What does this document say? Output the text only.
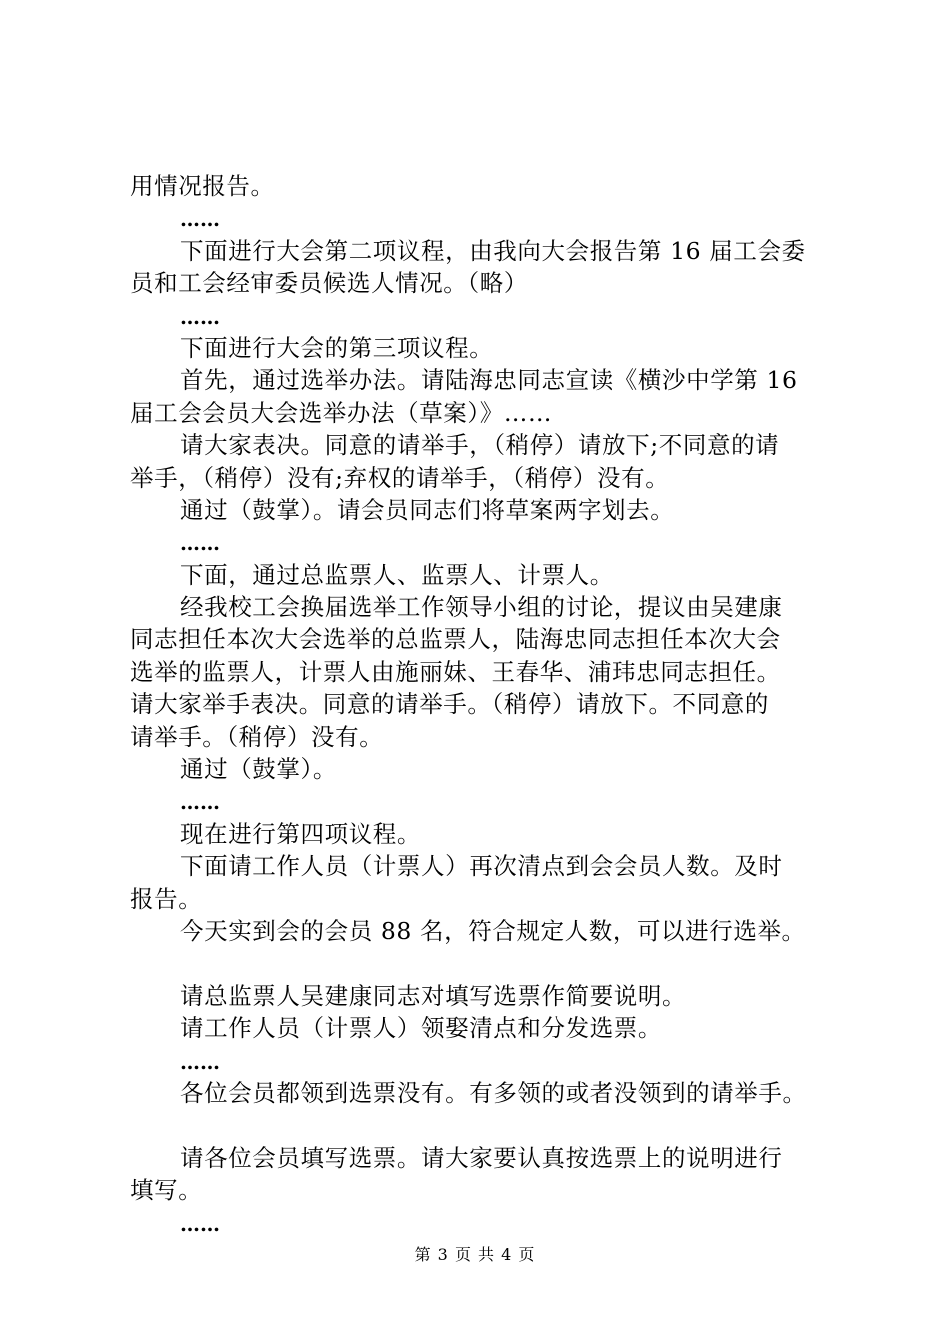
用情况报告。
……
下面进行大会第二项议程，由我向大会报告第 16 届工会委
员和工会经审委员候选人情况。（略）
……
下面进行大会的第三项议程。
首先，通过选举办法。请陆海忠同志宣读《横沙中学第 16
届工会会员大会选举办法（草案）》……
请大家表决。同意的请举手，（稍停）请放下;不同意的请
举手，（稍停）没有;弃权的请举手，（稍停）没有。
通过（鼓掌）。请会员同志们将草案两字划去。
……
下面，通过总监票人、监票人、计票人。
经我校工会换届选举工作领导小组的讨论，提议由吴建康
同志担任本次大会选举的总监票人，陆海忠同志担任本次大会
选举的监票人，计票人由施丽妹、王春华、浦玮忠同志担任。
请大家举手表决。同意的请举手。（稍停）请放下。不同意的
请举手。（稍停）没有。
通过（鼓掌）。
……
现在进行第四项议程。
下面请工作人员（计票人）再次清点到会会员人数。及时
报告。
今天实到会的会员 88 名，符合规定人数，可以进行选举。
请总监票人吴建康同志对填写选票作简要说明。
请工作人员（计票人）领娶清点和分发选票。
……
各位会员都领到选票没有。有多领的或者没领到的请举手。
请各位会员填写选票。请大家要认真按选票上的说明进行
填写。
……
第 3 页 共 4 页
